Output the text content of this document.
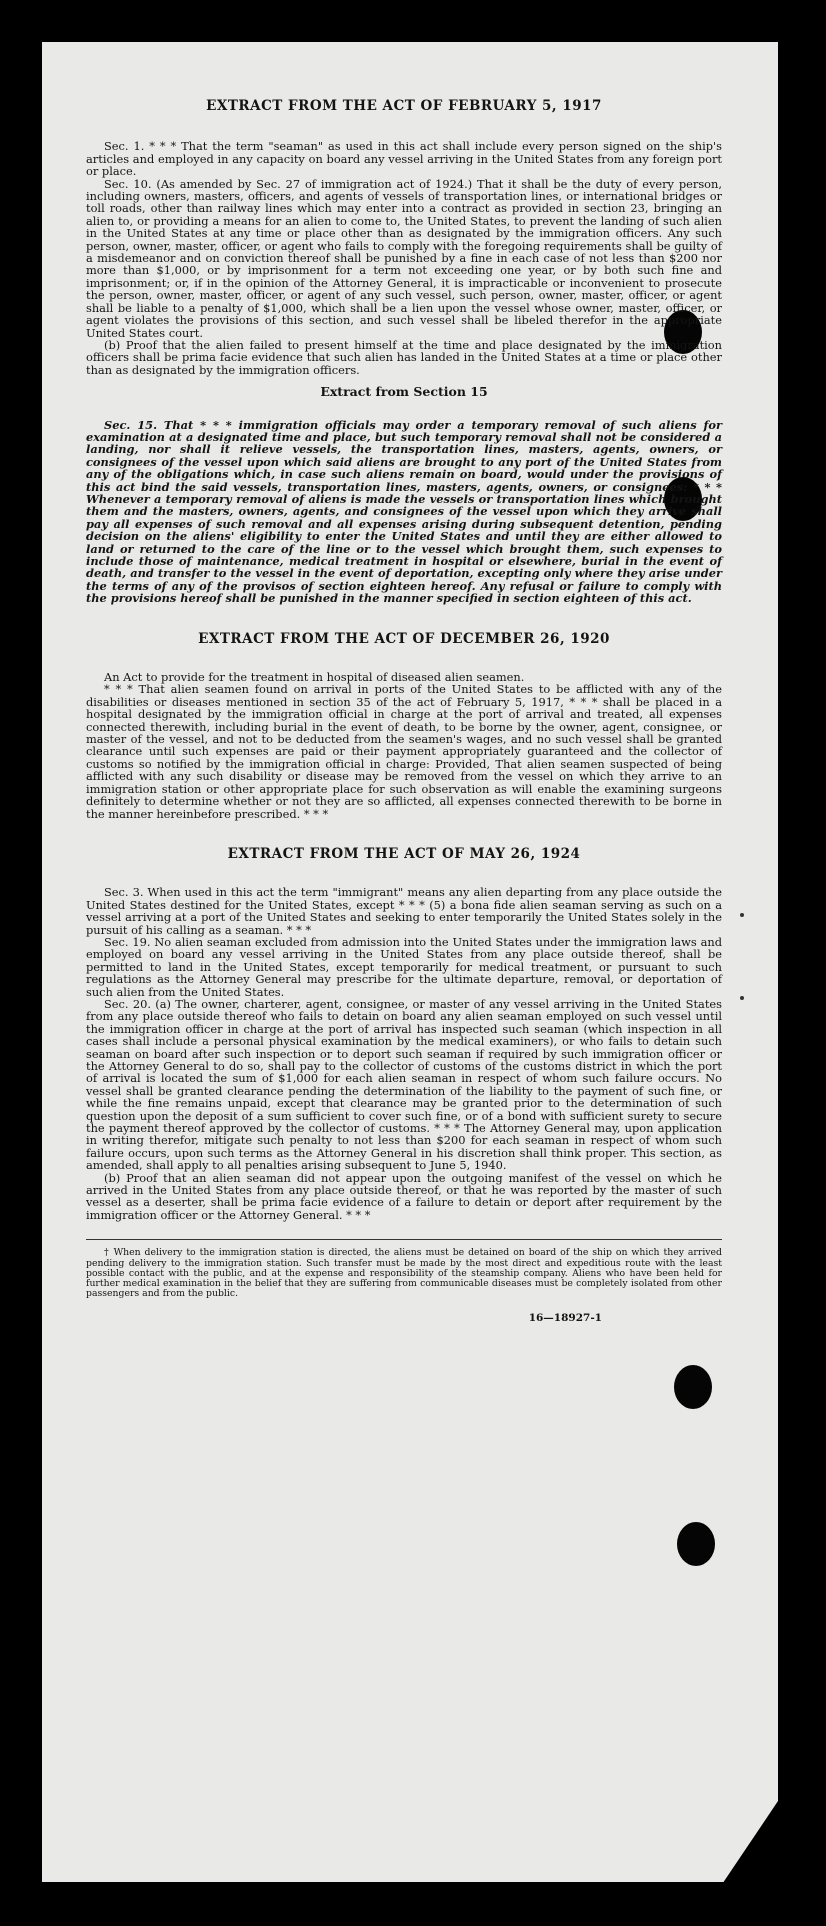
EXTRACT FROM THE ACT OF FEBRUARY 5, 1917

Sec. 1. * * * That the term "seaman" as used in this act shall include every person signed on the ship's articles and employed in any capacity on board any vessel arriving in the United States from any foreign port or place.

Sec. 10. (As amended by Sec. 27 of immigration act of 1924.) That it shall be the duty of every person, including owners, masters, officers, and agents of vessels of transportation lines, or international bridges or toll roads, other than railway lines which may enter into a contract as provided in section 23, bringing an alien to, or providing a means for an alien to come to, the United States, to prevent the landing of such alien in the United States at any time or place other than as designated by the immigration officers. Any such person, owner, master, officer, or agent who fails to comply with the foregoing requirements shall be guilty of a misdemeanor and on conviction thereof shall be punished by a fine in each case of not less than $200 nor more than $1,000, or by imprisonment for a term not exceeding one year, or by both such fine and imprisonment; or, if in the opinion of the Attorney General, it is impracticable or inconvenient to prosecute the person, owner, master, officer, or agent of any such vessel, such person, owner, master, officer, or agent shall be liable to a penalty of $1,000, which shall be a lien upon the vessel whose owner, master, officer, or agent violates the provisions of this section, and such vessel shall be libeled therefor in the appropriate United States court.

(b) Proof that the alien failed to present himself at the time and place designated by the immigration officers shall be prima facie evidence that such alien has landed in the United States at a time or place other than as designated by the immigration officers.

Extract from Section 15

Sec. 15. That * * * immigration officials may order a temporary removal of such aliens for examination at a designated time and place, but such temporary removal shall not be considered a landing, nor shall it relieve vessels, the transportation lines, masters, agents, owners, or consignees of the vessel upon which said aliens are brought to any port of the United States from any of the obligations which, in case such aliens remain on board, would under the provisions of this act bind the said vessels, transportation lines, masters, agents, owners, or consignees: * * * Whenever a temporary removal of aliens is made the vessels or transportation lines which brought them and the masters, owners, agents, and consignees of the vessel upon which they arrive shall pay all expenses of such removal and all expenses arising during subsequent detention, pending decision on the aliens' eligibility to enter the United States and until they are either allowed to land or returned to the care of the line or to the vessel which brought them, such expenses to include those of maintenance, medical treatment in hospital or elsewhere, burial in the event of death, and transfer to the vessel in the event of deportation, excepting only where they arise under the terms of any of the provisos of section eighteen hereof. Any refusal or failure to comply with the provisions hereof shall be punished in the manner specified in section eighteen of this act.

EXTRACT FROM THE ACT OF DECEMBER 26, 1920

An Act to provide for the treatment in hospital of diseased alien seamen.

* * * That alien seamen found on arrival in ports of the United States to be afflicted with any of the disabilities or diseases mentioned in section 35 of the act of February 5, 1917, * * * shall be placed in a hospital designated by the immigration official in charge at the port of arrival and treated, all expenses connected therewith, including burial in the event of death, to be borne by the owner, agent, consignee, or master of the vessel, and not to be deducted from the seamen's wages, and no such vessel shall be granted clearance until such expenses are paid or their payment appropriately guaranteed and the collector of customs so notified by the immigration official in charge: Provided, That alien seamen suspected of being afflicted with any such disability or disease may be removed from the vessel on which they arrive to an immigration station or other appropriate place for such observation as will enable the examining surgeons definitely to determine whether or not they are so afflicted, all expenses connected therewith to be borne in the manner hereinbefore prescribed. * * *

EXTRACT FROM THE ACT OF MAY 26, 1924

Sec. 3. When used in this act the term "immigrant" means any alien departing from any place outside the United States destined for the United States, except * * * (5) a bona fide alien seaman serving as such on a vessel arriving at a port of the United States and seeking to enter temporarily the United States solely in the pursuit of his calling as a seaman. * * *

Sec. 19. No alien seaman excluded from admission into the United States under the immigration laws and employed on board any vessel arriving in the United States from any place outside thereof, shall be permitted to land in the United States, except temporarily for medical treatment, or pursuant to such regulations as the Attorney General may prescribe for the ultimate departure, removal, or deportation of such alien from the United States.

Sec. 20. (a) The owner, charterer, agent, consignee, or master of any vessel arriving in the United States from any place outside thereof who fails to detain on board any alien seaman employed on such vessel until the immigration officer in charge at the port of arrival has inspected such seaman (which inspection in all cases shall include a personal physical examination by the medical examiners), or who fails to detain such seaman on board after such inspection or to deport such seaman if required by such immigration officer or the Attorney General to do so, shall pay to the collector of customs of the customs district in which the port of arrival is located the sum of $1,000 for each alien seaman in respect of whom such failure occurs. No vessel shall be granted clearance pending the determination of the liability to the payment of such fine, or while the fine remains unpaid, except that clearance may be granted prior to the determination of such question upon the deposit of a sum sufficient to cover such fine, or of a bond with sufficient surety to secure the payment thereof approved by the collector of customs. * * * The Attorney General may, upon application in writing therefor, mitigate such penalty to not less than $200 for each seaman in respect of whom such failure occurs, upon such terms as the Attorney General in his discretion shall think proper. This section, as amended, shall apply to all penalties arising subsequent to June 5, 1940.

(b) Proof that an alien seaman did not appear upon the outgoing manifest of the vessel on which he arrived in the United States from any place outside thereof, or that he was reported by the master of such vessel as a deserter, shall be prima facie evidence of a failure to detain or deport after requirement by the immigration officer or the Attorney General. * * *

† When delivery to the immigration station is directed, the aliens must be detained on board of the ship on which they arrived pending delivery to the immigration station. Such transfer must be made by the most direct and expeditious route with the least possible contact with the public, and at the expense and responsibility of the steamship company. Aliens who have been held for further medical examination in the belief that they are suffering from communicable diseases must be completely isolated from other passengers and from the public.

16—18927-1
